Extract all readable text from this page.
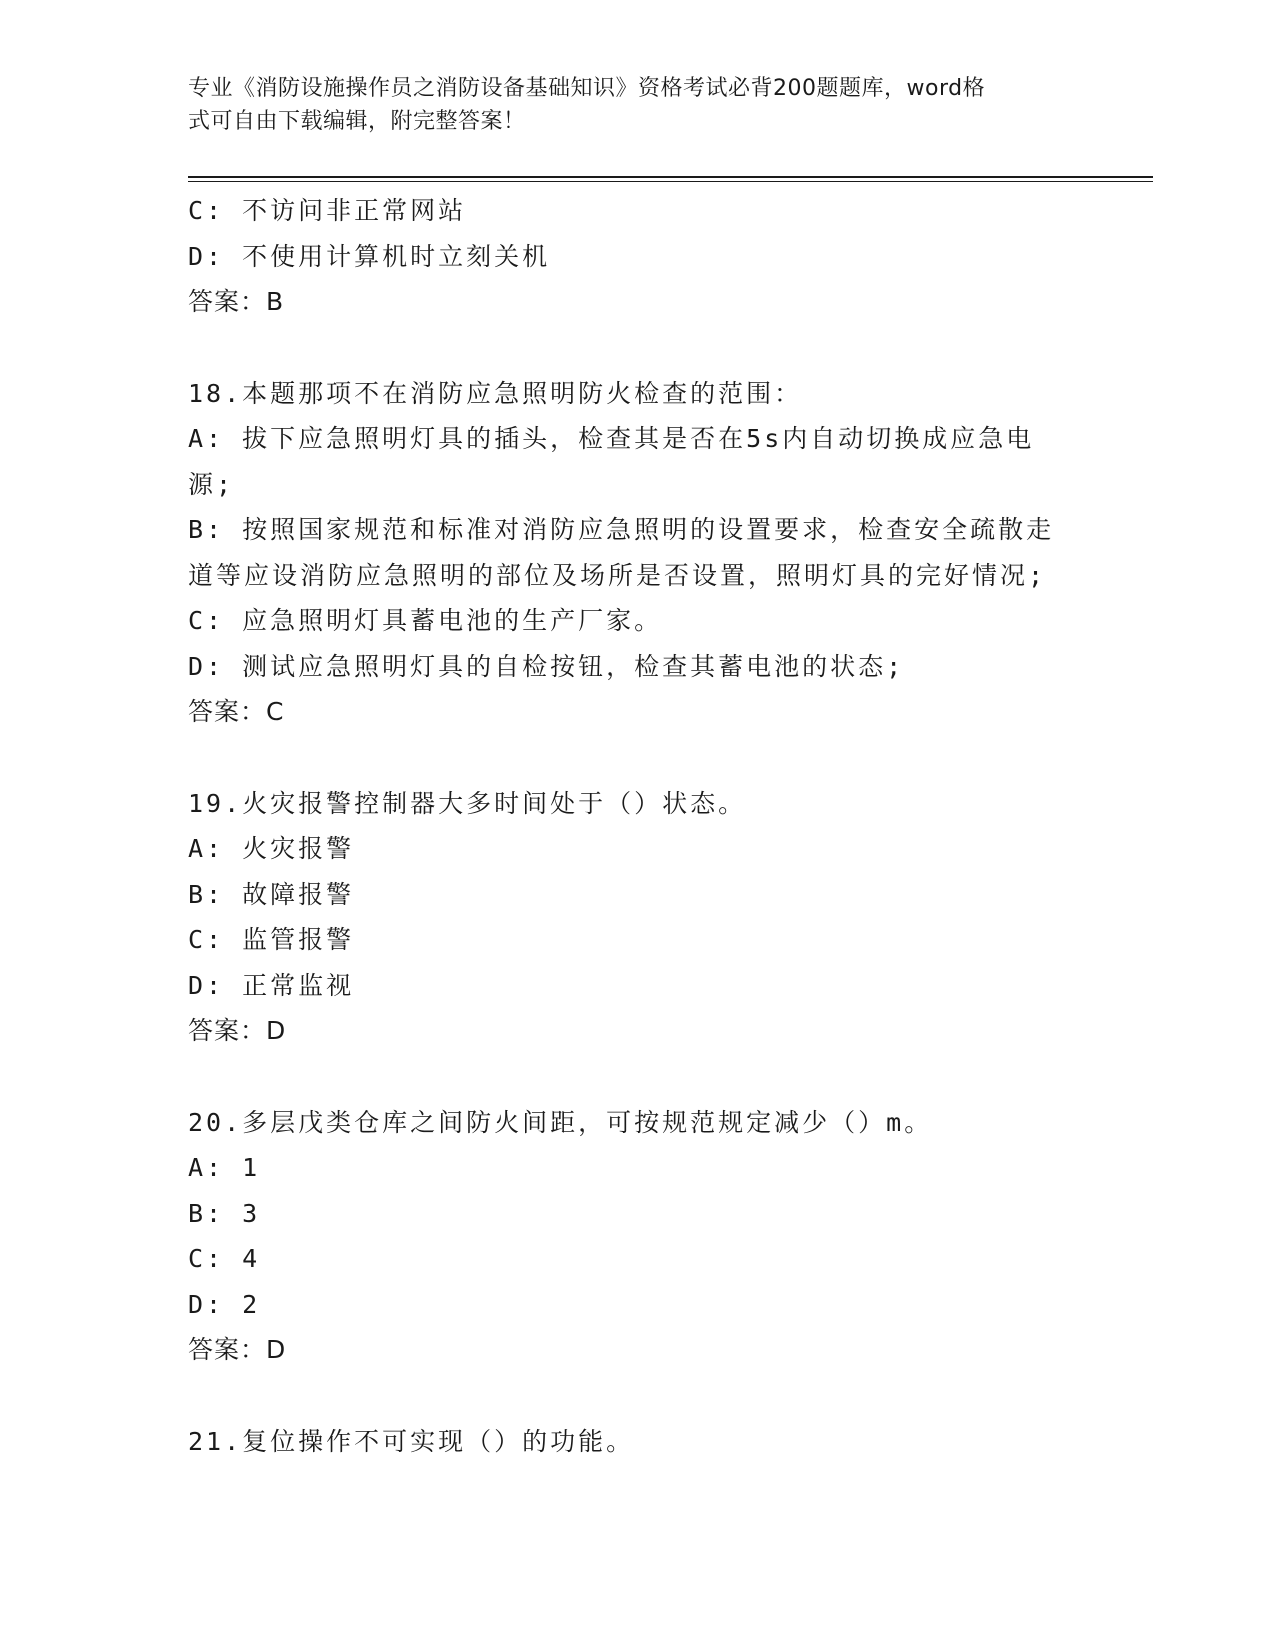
专业《消防设施操作员之消防设备基础知识》资格考试必背200题题库，word格
式可自由下载编辑，附完整答案！
C: 不访问非正常网站
D: 不使用计算机时立刻关机
答案：B
18.本题那项不在消防应急照明防火检查的范围：
A: 拔下应急照明灯具的插头，检查其是否在5s内自动切换成应急电
源;
B: 按照国家规范和标准对消防应急照明的设置要求，检查安全疏散走
道等应设消防应急照明的部位及场所是否设置，照明灯具的完好情况;
C: 应急照明灯具蓄电池的生产厂家。
D: 测试应急照明灯具的自检按钮，检查其蓄电池的状态;
答案：C
19.火灾报警控制器大多时间处于（）状态。
A: 火灾报警
B: 故障报警
C: 监管报警
D: 正常监视
答案：D
20.多层戊类仓库之间防火间距，可按规范规定减少（）m。
A: 1
B: 3
C: 4
D: 2
答案：D
21.复位操作不可实现（）的功能。
